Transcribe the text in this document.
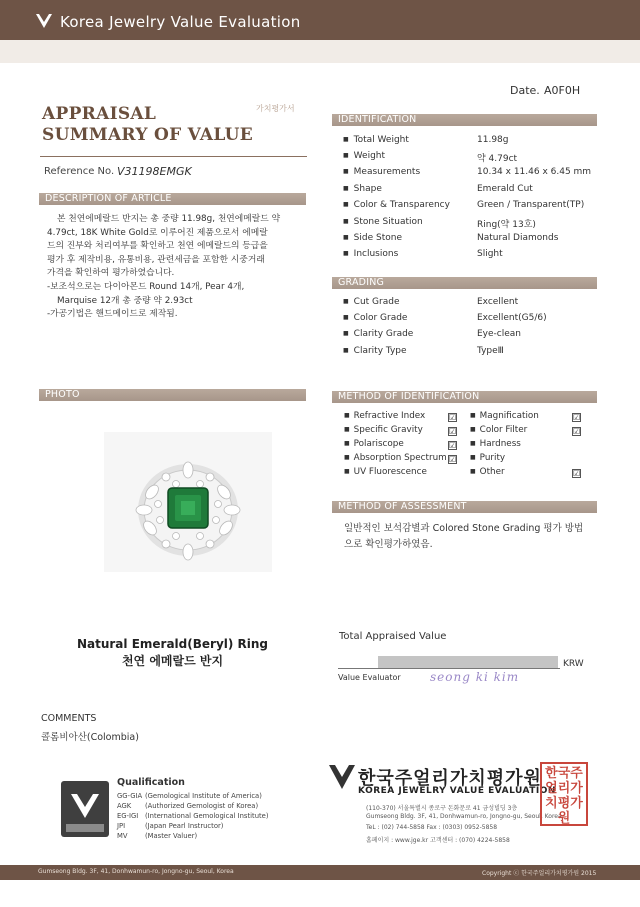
Korea Jewelry Value Evaluation
Date. A0F0H
APPRAISAL
SUMMARY OF VALUE
가치평가서
Reference No. V31198EMGK
DESCRIPTION OF ARTICLE
본 천연에메랄드 반지는 총 중량 11.98g, 천연에메랄드 약
4.79ct, 18K White Gold로 이루어진 제품으로서 에메랄
드의 진부와 처리여부를 확인하고 천연 에메랄드의 등급을
평가 후 제작비용, 유통비용, 관련세금을 포함한 시중거래
가격을 확인하여 평가하였습니다.
-보조석으로는 다이아몬드 Round 14개, Pear 4개,
Marquise 12개 총 중량 약 2.93ct
-가공기법은 핸드메이드로 제작됨.
IDENTIFICATION
■ Total Weight	11.98g
■ Weight	약 4.79ct
■ Measurements	10.34 x 11.46 x 6.45 mm
■ Shape	Emerald Cut
■ Color & Transparency	Green / Transparent(TP)
■ Stone Situation	Ring(약 13호)
■ Side Stone	Natural Diamonds
■ Inclusions	Slight
GRADING
■ Cut Grade	Excellent
■ Color Grade	Excellent(G5/6)
■ Clarity Grade	Eye-clean
■ Clarity Type	TypeⅢ
PHOTO	METHOD OF IDENTIFICATION
■ Refractive Index	☑
■ Specific Gravity	☑
■ Polariscope	☑
■ Absorption Spectrum ☑
■ UV Fluorescence
■ Magnification	☑
■ Color Filter	☑
■ Hardness
■ Purity
■ Other	☑
METHOD OF ASSESSMENT
일반적인 보석감별과 Colored Stone Grading 평가 방법
으로 확인평가하였음.
Natural Emerald(Beryl) Ring
천연 에메랄드 반지
Total Appraised Value
KRW
Value Evaluator seong ki kim
COMMENTS
콜롬비아산(Colombia)
Qualification
GG-GIA (Gemological Institute of America)
AGK (Authorized Gemologist of Korea)
EG-IGI (International Gemological Institute)
JPI	(Japan Pearl Instructor)
MV	(Master Valuer)
한국주얼리가치평가원
KOREA JEWELRY VALUE EVALUATION
(110-370) 서울특별시 종로구 돈화문로 41 금성빌딩 3층
Gumseong Bldg. 3F, 41, Donhwamun-ro, Jongno-gu, Seoul, Korea
TeL : (02) 744-5858 Fax : (0303) 0952-5858
홈페이지 : www.jge.kr 고객센터 : (070) 4224-5858
한국주얼리가치평가원
Gumseong Bldg. 3F, 41, Donhwamun-ro, Jongno-gu, Seoul, Korea	Copyright ⓒ 한국주얼리가치평가원 2015
